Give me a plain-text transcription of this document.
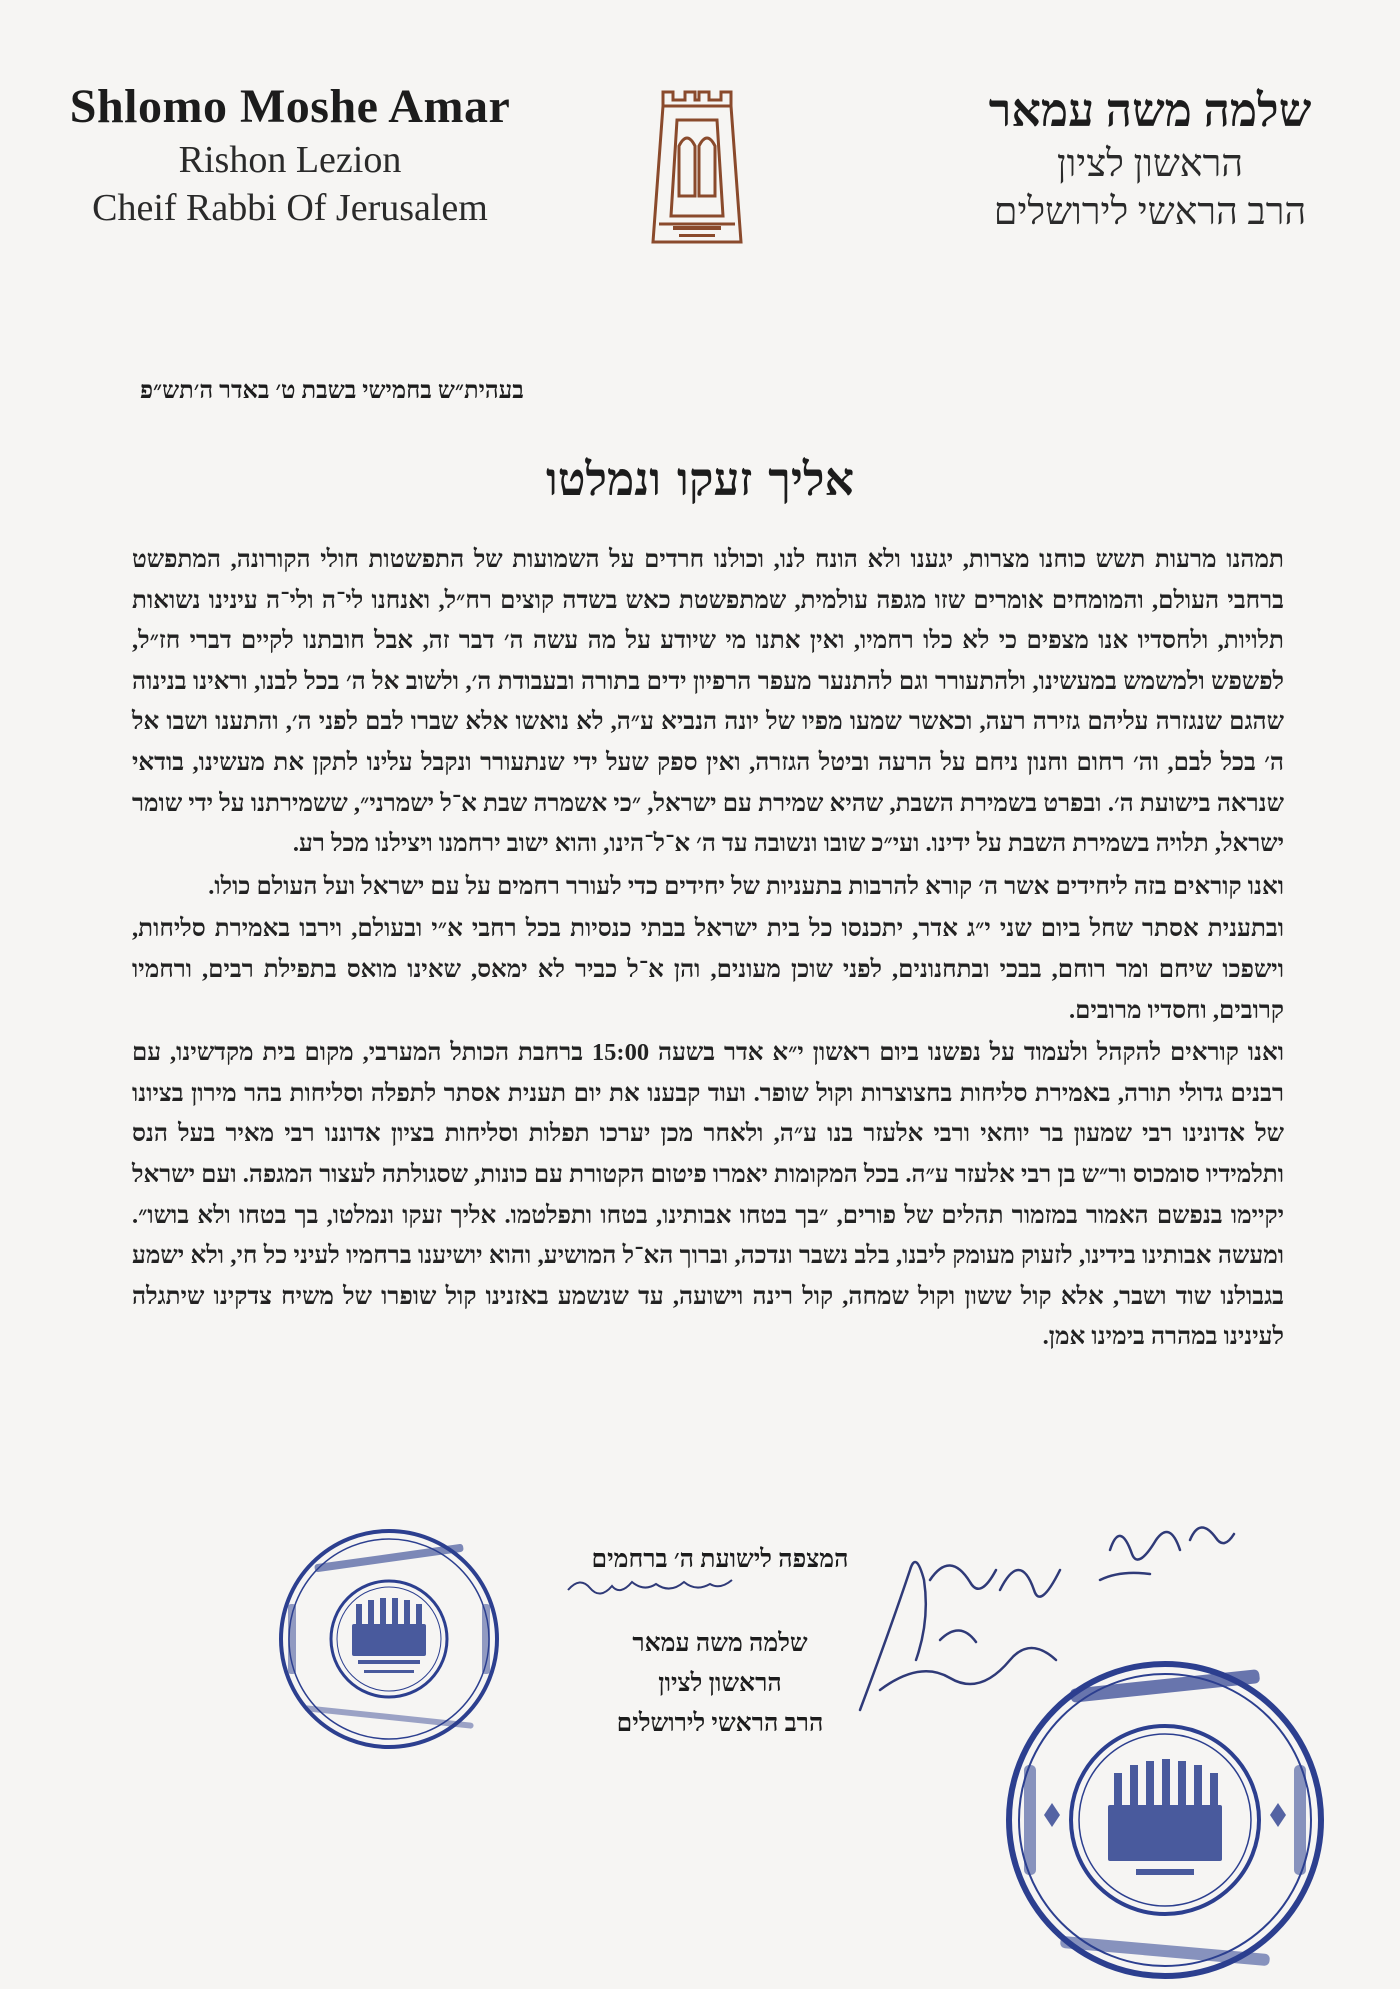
Shlomo Moshe Amar
Rishon Lezion
Cheif Rabbi Of Jerusalem
שלמה משה עמאר
הראשון לציון
הרב הראשי לירושלים
בעהית״ש בחמישי בשבת ט׳ באדר ה׳תש״פ
אליך זעקו ונמלטו

תמהנו מרעות תשש כוחנו מצרות, יגענו ולא הונח לנו, וכולנו חרדים על השמועות של התפשטות חולי הקורונה, המתפשט ברחבי העולם, והמומחים אומרים שזו מגפה עולמית, שמתפשטת כאש בשדה קוצים רח״ל, ואנחנו לי־ה ולי־ה עינינו נשואות תלויות, ולחסדיו אנו מצפים כי לא כלו רחמיו, ואין אתנו מי שיודע על מה עשה ה׳ דבר זה, אבל חובתנו לקיים דברי חז״ל, לפשפש ולמשמש במעשינו, ולהתעורר וגם להתנער מעפר הרפיון ידים בתורה ובעבודת ה׳, ולשוב אל ה׳ בכל לבנו, וראינו בנינוה שהגם שנגזרה עליהם גזירה רעה, וכאשר שמעו מפיו של יונה הנביא ע״ה, לא נואשו אלא שברו לבם לפני ה׳, והתענו ושבו אל ה׳ בכל לבם, וה׳ רחום וחנון ניחם על הרעה וביטל הגזרה, ואין ספק שעל ידי שנתעורר ונקבל עלינו לתקן את מעשינו, בודאי שנראה בישועת ה׳. ובפרט בשמירת השבת, שהיא שמירת עם ישראל, ״כי אשמרה שבת א־ל ישמרני״, ששמירתנו על ידי שומר ישראל, תלויה בשמירת השבת על ידינו. ועי״כ שובו ונשובה עד ה׳ א־ל־הינו, והוא ישוב ירחמנו ויצילנו מכל רע.

ואנו קוראים בזה ליחידים אשר ה׳ קורא להרבות בתעניות של יחידים כדי לעורר רחמים על עם ישראל ועל העולם כולו.

ובתענית אסתר שחל ביום שני י״ג אדר, יתכנסו כל בית ישראל בבתי כנסיות בכל רחבי א״י ובעולם, וירבו באמירת סליחות, וישפכו שיחם ומר רוחם, בבכי ובתחנונים, לפני שוכן מעונים, והן א־ל כביר לא ימאס, שאינו מואס בתפילת רבים, ורחמיו קרובים, וחסדיו מרובים.

ואנו קוראים להקהל ולעמוד על נפשנו ביום ראשון י״א אדר בשעה 15:00 ברחבת הכותל המערבי, מקום בית מקדשינו, עם רבנים גדולי תורה, באמירת סליחות בחצוצרות וקול שופר. ועוד קבענו את יום תענית אסתר לתפלה וסליחות בהר מירון בציונו של אדונינו רבי שמעון בר יוחאי ורבי אלעזר בנו ע״ה, ולאחר מכן יערכו תפלות וסליחות בציון אדוננו רבי מאיר בעל הנס ותלמידיו סומכוס ור״ש בן רבי אלעזר ע״ה. בכל המקומות יאמרו פיטום הקטורת עם כונות, שסגולתה לעצור המגפה. ועם ישראל יקיימו בנפשם האמור במזמור תהלים של פורים, ״בך בטחו אבותינו, בטחו ותפלטמו. אליך זעקו ונמלטו, בך בטחו ולא בושו״. ומעשה אבותינו בידינו, לזעוק מעומק ליבנו, בלב נשבר ונדכה, וברוך הא־ל המושיע, והוא יושיענו ברחמיו לעיני כל חי, ולא ישמע בגבולנו שוד ושבר, אלא קול ששון וקול שמחה, קול רינה וישועה, עד שנשמע באזנינו קול שופרו של משיח צדקינו שיתגלה לעינינו במהרה בימינו אמן.

המצפה לישועת ה׳ ברחמים
שלמה משה עמאר
הראשון לציון
הרב הראשי לירושלים
